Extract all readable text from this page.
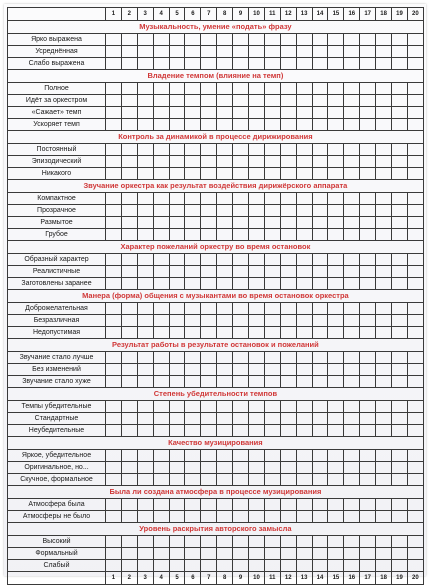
	1	2	3	4	5	6	7	8	9	10	11	12	13	14	15	16	17	18	19	20
Музыкальность, умение «подать» фразу																				
Ярко выражена																				
Усреднённая																				
Слабо выражена																				
Владение темпом (влияние на темп)																				
Полное																				
Идёт за оркестром																				
«Сажает» темп																				
Ускоряет темп																				
Контроль за динамикой в процессе дирижирования																				
Постоянный																				
Эпизодический																				
Никакого																				
Звучание оркестра как результат воздействия дирижёрского аппарата																				
Компактное																				
Прозрачное																				
Размытое																				
Грубое																				
Характер пожеланий оркестру во время остановок																				
Образный характер																				
Реалистичные																				
Заготовлены заранее																				
Манера (форма) общения с музыкантами во время остановок оркестра																				
Доброжелательная																				
Безразличная																				
Недопустимая																				
Результат работы в результате остановок и пожеланий																				
Звучание стало лучше																				
Без изменений																				
Звучание стало хуже																				
Степень убедительности темпов																				
Темпы убедительные																				
Стандартные																				
Неубедительные																				
Качество музицирования																				
Яркое, убедительное																				
Оригинальное, но...																				
Скучное, формальное																				
Была ли создана атмосфера в процессе музицирования																				
Атмосфера была																				
Атмосферы не было																				
Уровень раскрытия авторского замысла																				
Высокий																				
Формальный																				
Слабый																				
	1	2	3	4	5	6	7	8	9	10	11	12	13	14	15	16	17	18	19	20
